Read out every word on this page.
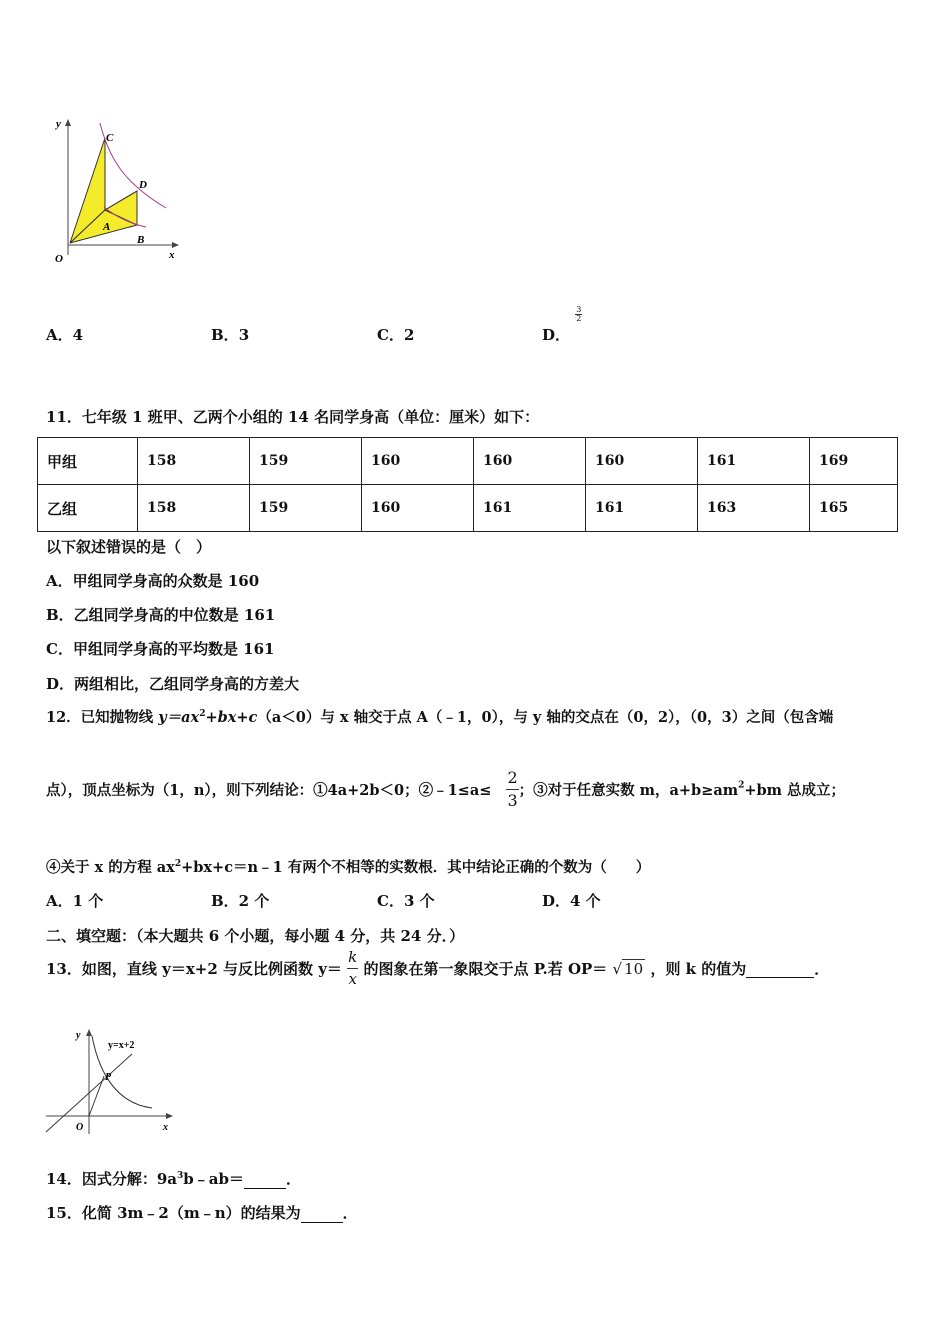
y
x
O
C
D
A
B
A．4	B．3	C．2	D．
$\frac{3}{2}$
11．七年级 1 班甲、乙两个小组的 14 名同学身高（单位：厘米）如下：
甲组	158	159	160	160	160	161	169
乙组	158	159	160	161	161	163	165
以下叙述错误的是（　）
A．甲组同学身高的众数是 160
B．乙组同学身高的中位数是 161
C．甲组同学身高的平均数是 161
D．两组相比，乙组同学身高的方差大
12．已知抛物线 $y=ax^2+bx+c(a<0)$与 x 轴交于点 A（﹣1，0），与 y 轴的交点在（0，2），（0，3）之间（包含端
点），顶点坐标为（1，n），则下列结论：①4a+2b＜0；②﹣1≤a≤ $\frac{2}{3}$ ；③对于任意实数 m，$a+b\ge am^2+bm$ 总成立；
④关于 x 的方程 $ax^2+bx+c=n﹣1$ 有两个不相等的实数根．其中结论正确的个数为（　　）
A．1 个	B．2 个	C．3 个	D．4 个
二、填空题：（本大题共 6 个小题，每小题 4 分，共 24 分．）
13．如图，直线 y＝x+2 与反比例函数 $y= \frac{k}{x}$ 的图象在第一象限交于点 P.若 OP＝ √ 10 ，则 k 的值为	．
y
x
O
y=x+2
P
14．因式分解：$9a^3b﹣ab=$	．
15．化简 3m﹣2（m﹣n）的结果为	．
